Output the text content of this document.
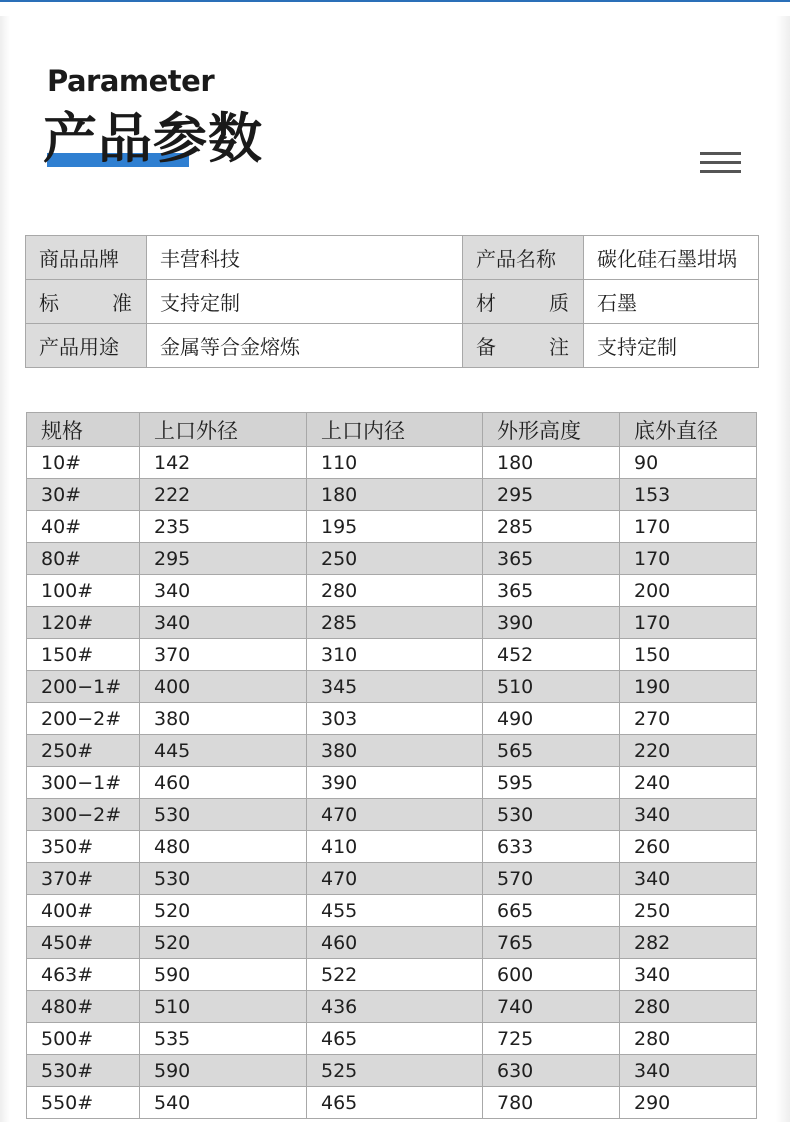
Parameter
产品参数
商品品牌	丰营科技	产品名称	碳化硅石墨坩埚

标 准	支持定制	材 质	石墨

产品用途	金属等合金熔炼	备 注	支持定制
规格	上口外径	上口内径	外形高度	底外直径
10#	142	110	180	90
30#	222	180	295	153
40#	235	195	285	170
80#	295	250	365	170
100#	340	280	365	200
120#	340	285	390	170
150#	370	310	452	150
200−1#	400	345	510	190
200−2#	380	303	490	270
250#	445	380	565	220
300−1#	460	390	595	240
300−2#	530	470	530	340
350#	480	410	633	260
370#	530	470	570	340
400#	520	455	665	250
450#	520	460	765	282
463#	590	522	600	340
480#	510	436	740	280
500#	535	465	725	280
530#	590	525	630	340
550#	540	465	780	290
